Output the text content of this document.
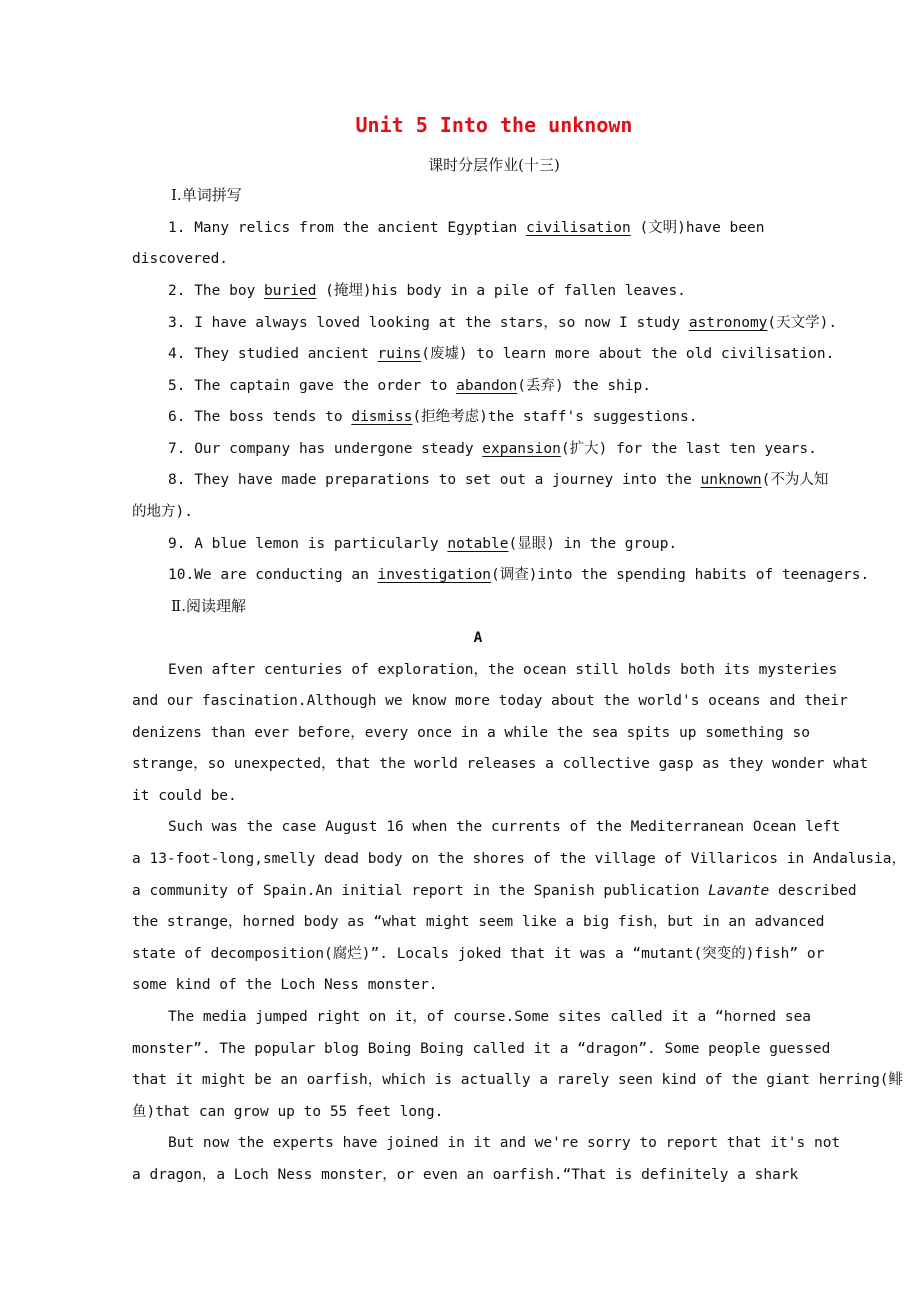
Unit 5 Into the unknown
课时分层作业(十三)
Ⅰ.单词拼写
1. Many relics from the ancient Egyptian civilisation (文明)have been
discovered.
2. The boy buried (掩埋)his body in a pile of fallen leaves.
3. I have always loved looking at the stars，so now I study astronomy(天文学).
4. They studied ancient ruins(废墟) to learn more about the old civilisation.
5. The captain gave the order to abandon(丢弃) the ship.
6. The boss tends to dismiss(拒绝考虑)the staff's suggestions.
7. Our company has undergone steady expansion(扩大) for the last ten years.
8. They have made preparations to set out a journey into the unknown(不为人知
的地方).
9. A blue lemon is particularly notable(显眼) in the group.
10.We are conducting an investigation(调查)into the spending habits of teenagers.
Ⅱ.阅读理解
A
Even after centuries of exploration，the ocean still holds both its mysteries
and our fascination.Although we know more today about the world's oceans and their
denizens than ever before，every once in a while the sea spits up something so
strange，so unexpected，that the world releases a collective gasp as they wonder what
it could be.
Such was the case August 16 when the currents of the Mediterranean Ocean left
a 13-foot-long,smelly dead body on the shores of the village of Villaricos in Andalusia，
a community of Spain.An initial report in the Spanish publication Lavante described
the strange，horned body as “what might seem like a big fish，but in an advanced
state of decomposition(腐烂)”. Locals joked that it was a “mutant(突变的)fish” or
some kind of the Loch Ness monster.
The media jumped right on it，of course.Some sites called it a “horned sea
monster”. The popular blog Boing Boing called it a “dragon”. Some people guessed
that it might be an oarfish，which is actually a rarely seen kind of the giant herring(鲱
鱼)that can grow up to 55 feet long.
But now the experts have joined in it and we're sorry to report that it's not
a dragon，a Loch Ness monster，or even an oarfish.“That is definitely a shark
